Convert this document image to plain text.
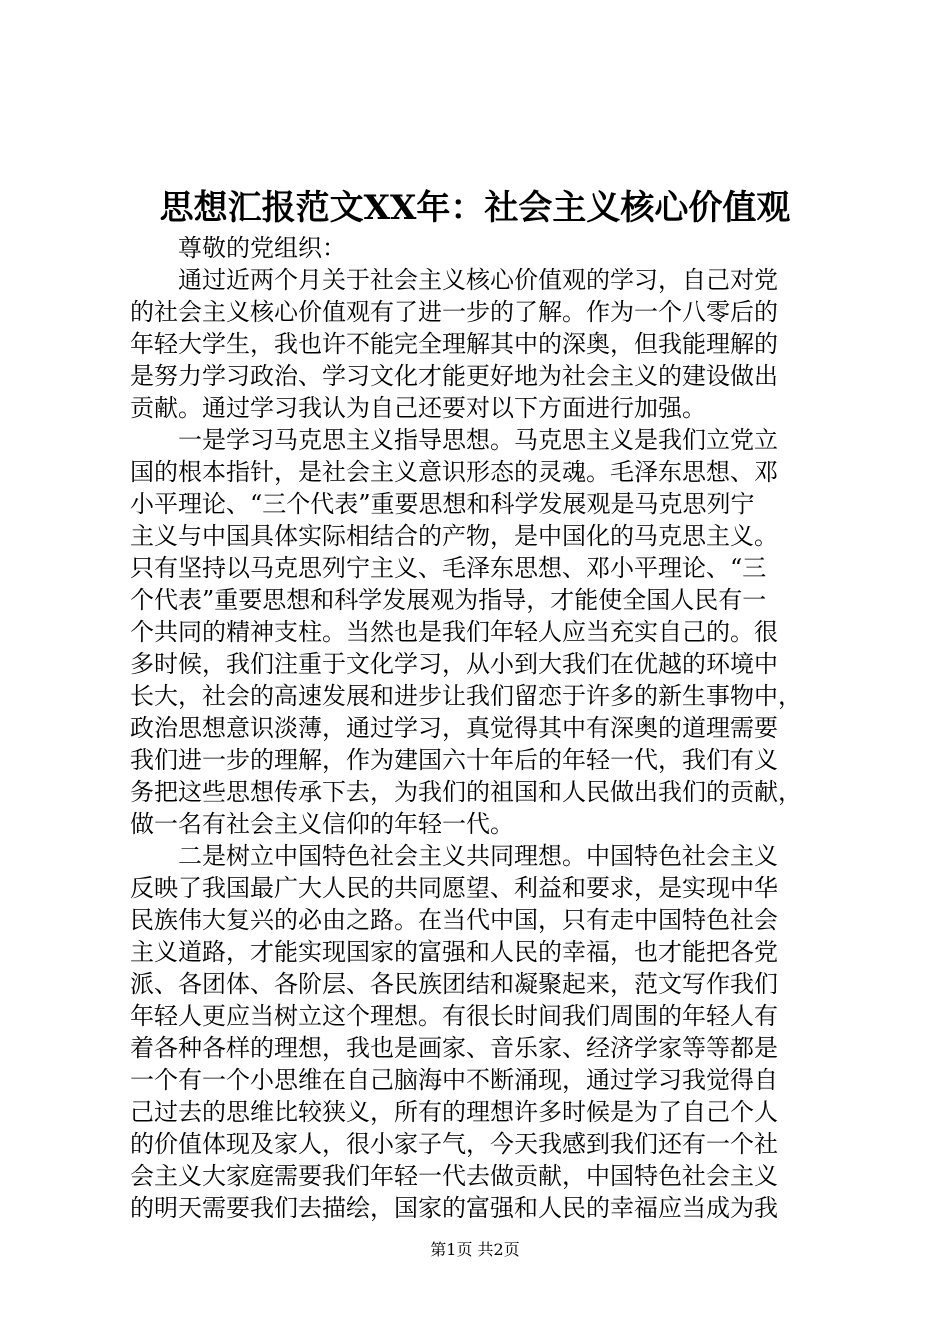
思想汇报范文XX年：社会主义核心价值观
尊敬的党组织：
通过近两个月关于社会主义核心价值观的学习，自己对党
的社会主义核心价值观有了进一步的了解。作为一个八零后的
年轻大学生，我也许不能完全理解其中的深奥，但我能理解的
是努力学习政治、学习文化才能更好地为社会主义的建设做出
贡献。通过学习我认为自己还要对以下方面进行加强。
一是学习马克思主义指导思想。马克思主义是我们立党立
国的根本指针，是社会主义意识形态的灵魂。毛泽东思想、邓
小平理论、“三个代表”重要思想和科学发展观是马克思列宁
主义与中国具体实际相结合的产物，是中国化的马克思主义。
只有坚持以马克思列宁主义、毛泽东思想、邓小平理论、“三
个代表”重要思想和科学发展观为指导，才能使全国人民有一
个共同的精神支柱。当然也是我们年轻人应当充实自己的。很
多时候，我们注重于文化学习，从小到大我们在优越的环境中
长大，社会的高速发展和进步让我们留恋于许多的新生事物中，
政治思想意识淡薄，通过学习，真觉得其中有深奥的道理需要
我们进一步的理解，作为建国六十年后的年轻一代，我们有义
务把这些思想传承下去，为我们的祖国和人民做出我们的贡献，
做一名有社会主义信仰的年轻一代。
二是树立中国特色社会主义共同理想。中国特色社会主义
反映了我国最广大人民的共同愿望、利益和要求，是实现中华
民族伟大复兴的必由之路。在当代中国，只有走中国特色社会
主义道路，才能实现国家的富强和人民的幸福，也才能把各党
派、各团体、各阶层、各民族团结和凝聚起来，范文写作我们
年轻人更应当树立这个理想。有很长时间我们周围的年轻人有
着各种各样的理想，我也是画家、音乐家、经济学家等等都是
一个有一个小思维在自己脑海中不断涌现，通过学习我觉得自
己过去的思维比较狭义，所有的理想许多时候是为了自己个人
的价值体现及家人，很小家子气，今天我感到我们还有一个社
会主义大家庭需要我们年轻一代去做贡献，中国特色社会主义
的明天需要我们去描绘，国家的富强和人民的幸福应当成为我
第1页 共2页
